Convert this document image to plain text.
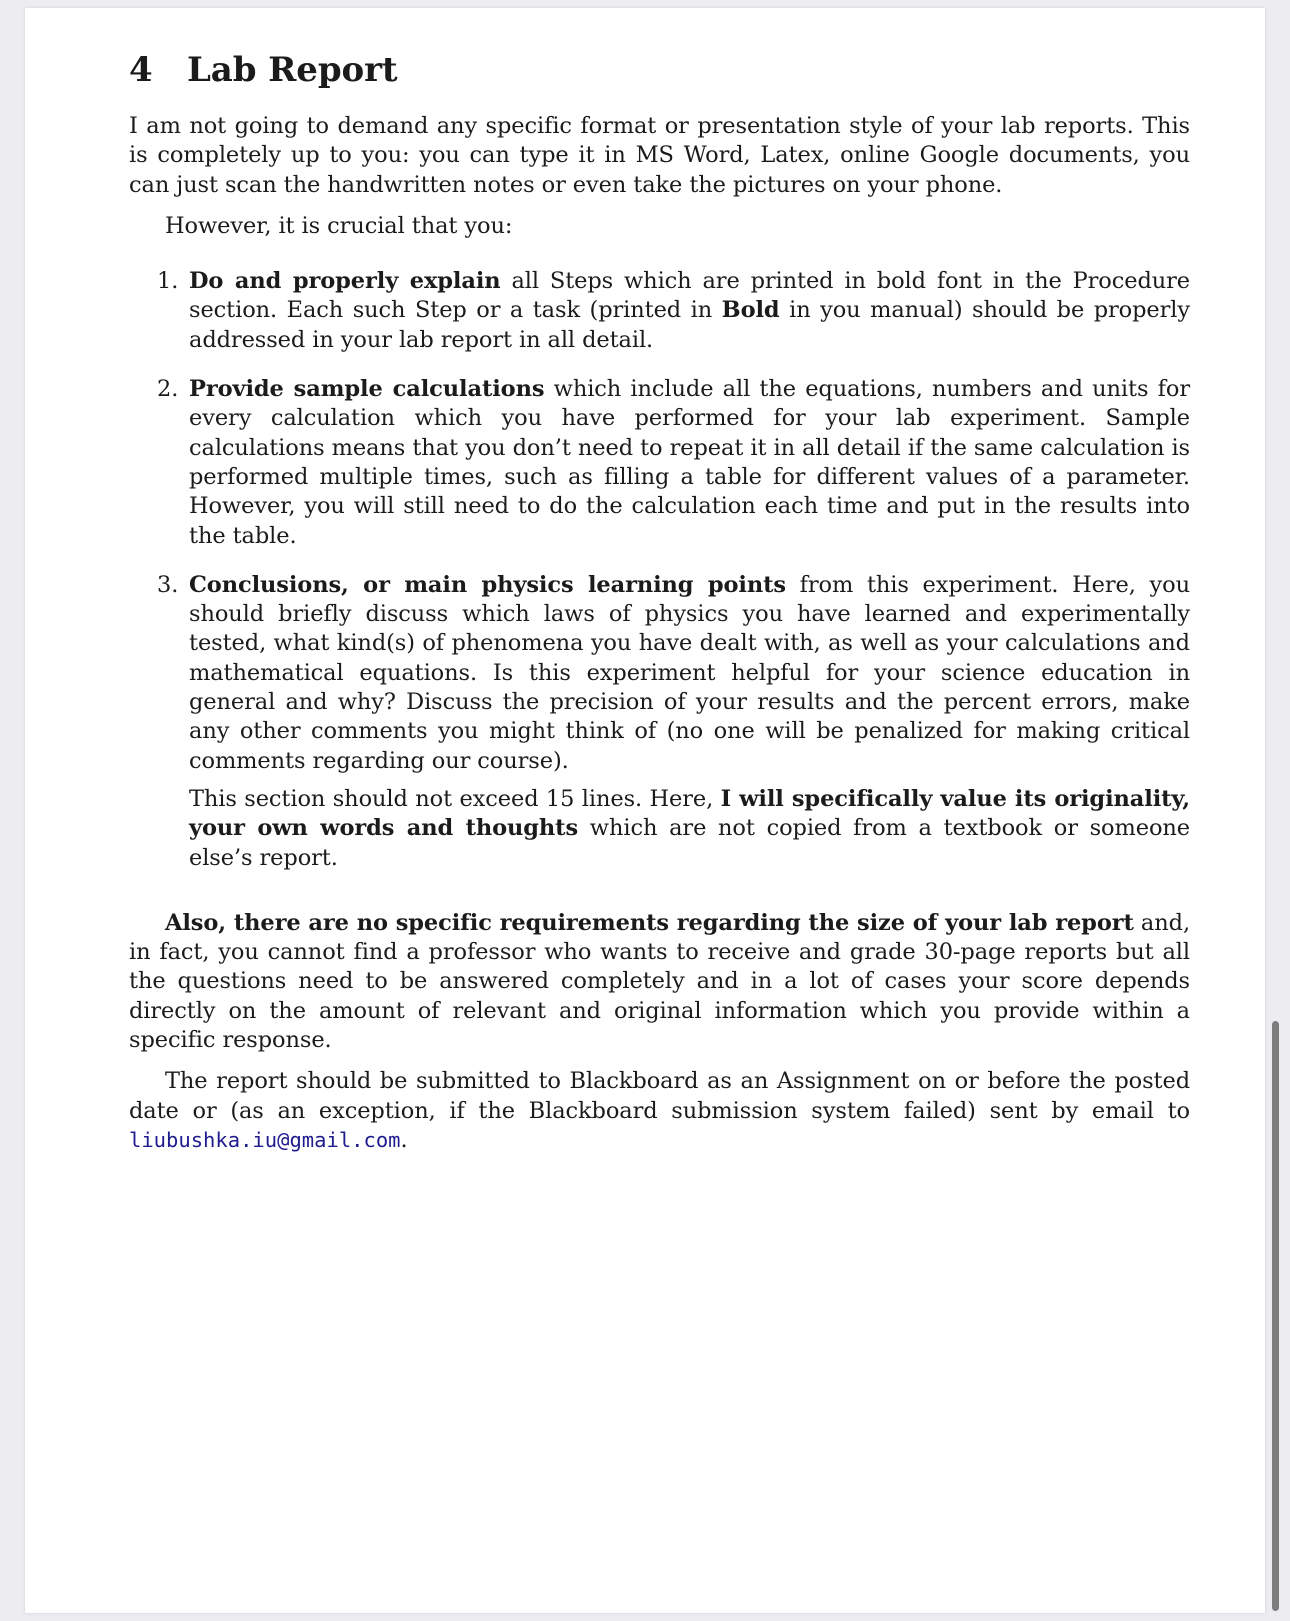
4 Lab Report

I am not going to demand any specific format or presentation style of your lab reports. This is completely up to you: you can type it in MS Word, Latex, online Google documents, you can just scan the handwritten notes or even take the pictures on your phone.

However, it is crucial that you:

1. Do and properly explain all Steps which are printed in bold font in the Procedure section. Each such Step or a task (printed in Bold in you manual) should be properly addressed in your lab report in all detail.
2. Provide sample calculations which include all the equations, numbers and units for every calculation which you have performed for your lab experiment. Sample calculations means that you don’t need to repeat it in all detail if the same calculation is performed multiple times, such as filling a table for different values of a parameter. However, you will still need to do the calculation each time and put in the results into the table.
3. Conclusions, or main physics learning points from this experiment. Here, you should briefly discuss which laws of physics you have learned and experimentally tested, what kind(s) of phenomena you have dealt with, as well as your calculations and mathematical equations. Is this experiment helpful for your science education in general and why? Discuss the precision of your results and the percent errors, make any other comments you might think of (no one will be penalized for making critical comments regarding our course).
This section should not exceed 15 lines. Here, I will specifically value its originality, your own words and thoughts which are not copied from a textbook or someone else’s report.

Also, there are no specific requirements regarding the size of your lab report and, in fact, you cannot find a professor who wants to receive and grade 30-page reports but all the questions need to be answered completely and in a lot of cases your score depends directly on the amount of relevant and original information which you provide within a specific response.

The report should be submitted to Blackboard as an Assignment on or before the posted date or (as an exception, if the Blackboard submission system failed) sent by email to liubushka.iu@gmail.com.
